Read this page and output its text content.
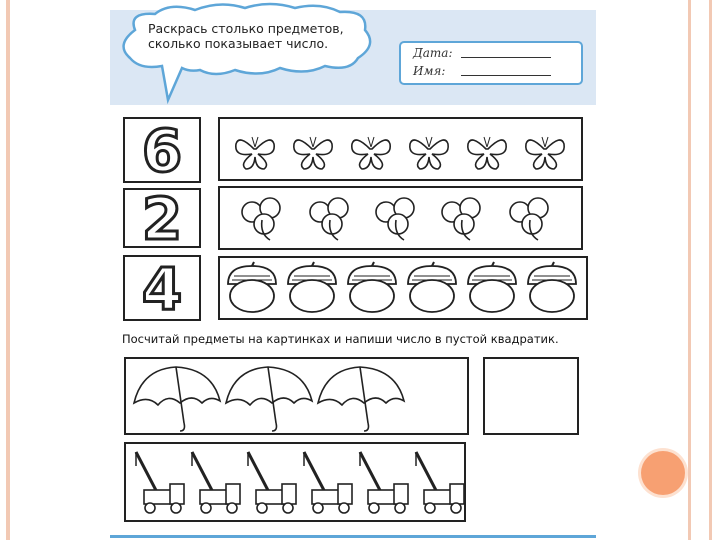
Раскрась столько предметов, сколько показывает число.
Дата:
Имя:
6
2
4
Посчитай предметы на картинках и напиши число в пустой квадратик.
